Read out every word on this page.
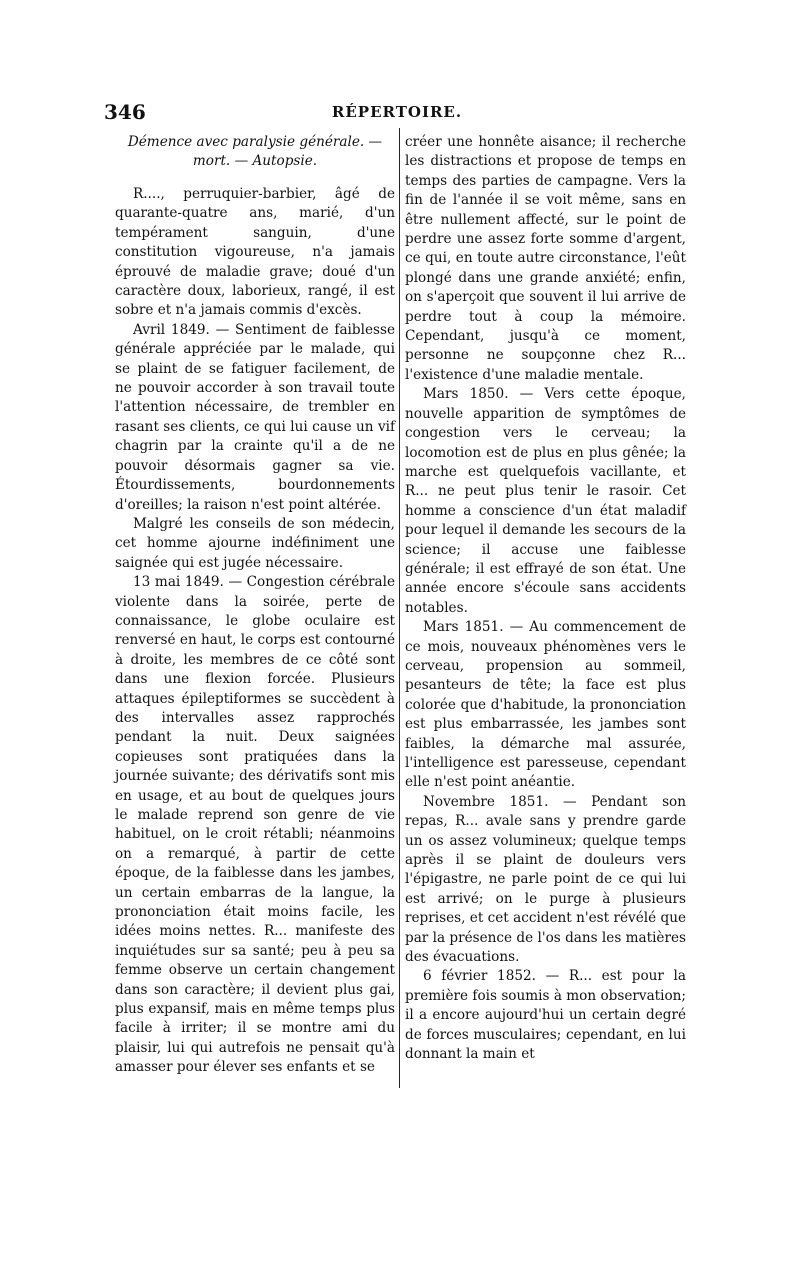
346	RÉPERTOIRE.
Démence avec paralysie générale. —
mort. — Autopsie.

R...., perruquier-barbier, âgé de quarante-quatre ans, marié, d'un tempérament sanguin, d'une constitution vigoureuse, n'a jamais éprouvé de maladie grave; doué d'un caractère doux, laborieux, rangé, il est sobre et n'a jamais commis d'excès.

Avril 1849. — Sentiment de faiblesse générale appréciée par le malade, qui se plaint de se fatiguer facilement, de ne pouvoir accorder à son travail toute l'attention nécessaire, de trembler en rasant ses clients, ce qui lui cause un vif chagrin par la crainte qu'il a de ne pouvoir désormais gagner sa vie. Étourdissements, bourdonnements d'oreilles; la raison n'est point altérée.

Malgré les conseils de son médecin, cet homme ajourne indéfiniment une saignée qui est jugée nécessaire.

13 mai 1849. — Congestion cérébrale violente dans la soirée, perte de connaissance, le globe oculaire est renversé en haut, le corps est contourné à droite, les membres de ce côté sont dans une flexion forcée. Plusieurs attaques épileptiformes se succèdent à des intervalles assez rapprochés pendant la nuit. Deux saignées copieuses sont pratiquées dans la journée suivante; des dérivatifs sont mis en usage, et au bout de quelques jours le malade reprend son genre de vie habituel, on le croit rétabli; néanmoins on a remarqué, à partir de cette époque, de la faiblesse dans les jambes, un certain embarras de la langue, la prononciation était moins facile, les idées moins nettes. R... manifeste des inquiétudes sur sa santé; peu à peu sa femme observe un certain changement dans son caractère; il devient plus gai, plus expansif, mais en même temps plus facile à irriter; il se montre ami du plaisir, lui qui autrefois ne pensait qu'à amasser pour élever ses enfants et se

créer une honnête aisance; il recherche les distractions et propose de temps en temps des parties de campagne. Vers la fin de l'année il se voit même, sans en être nullement affecté, sur le point de perdre une assez forte somme d'argent, ce qui, en toute autre circonstance, l'eût plongé dans une grande anxiété; enfin, on s'aperçoit que souvent il lui arrive de perdre tout à coup la mémoire. Cependant, jusqu'à ce moment, personne ne soupçonne chez R... l'existence d'une maladie mentale.

Mars 1850. — Vers cette époque, nouvelle apparition de symptômes de congestion vers le cerveau; la locomotion est de plus en plus gênée; la marche est quelquefois vacillante, et R... ne peut plus tenir le rasoir. Cet homme a conscience d'un état maladif pour lequel il demande les secours de la science; il accuse une faiblesse générale; il est effrayé de son état. Une année encore s'écoule sans accidents notables.

Mars 1851. — Au commencement de ce mois, nouveaux phénomènes vers le cerveau, propension au sommeil, pesanteurs de tête; la face est plus colorée que d'habitude, la prononciation est plus embarrassée, les jambes sont faibles, la démarche mal assurée, l'intelligence est paresseuse, cependant elle n'est point anéantie.

Novembre 1851. — Pendant son repas, R... avale sans y prendre garde un os assez volumineux; quelque temps après il se plaint de douleurs vers l'épigastre, ne parle point de ce qui lui est arrivé; on le purge à plusieurs reprises, et cet accident n'est révélé que par la présence de l'os dans les matières des évacuations.

6 février 1852. — R... est pour la première fois soumis à mon observation; il a encore aujourd'hui un certain degré de forces musculaires; cependant, en lui donnant la main et
